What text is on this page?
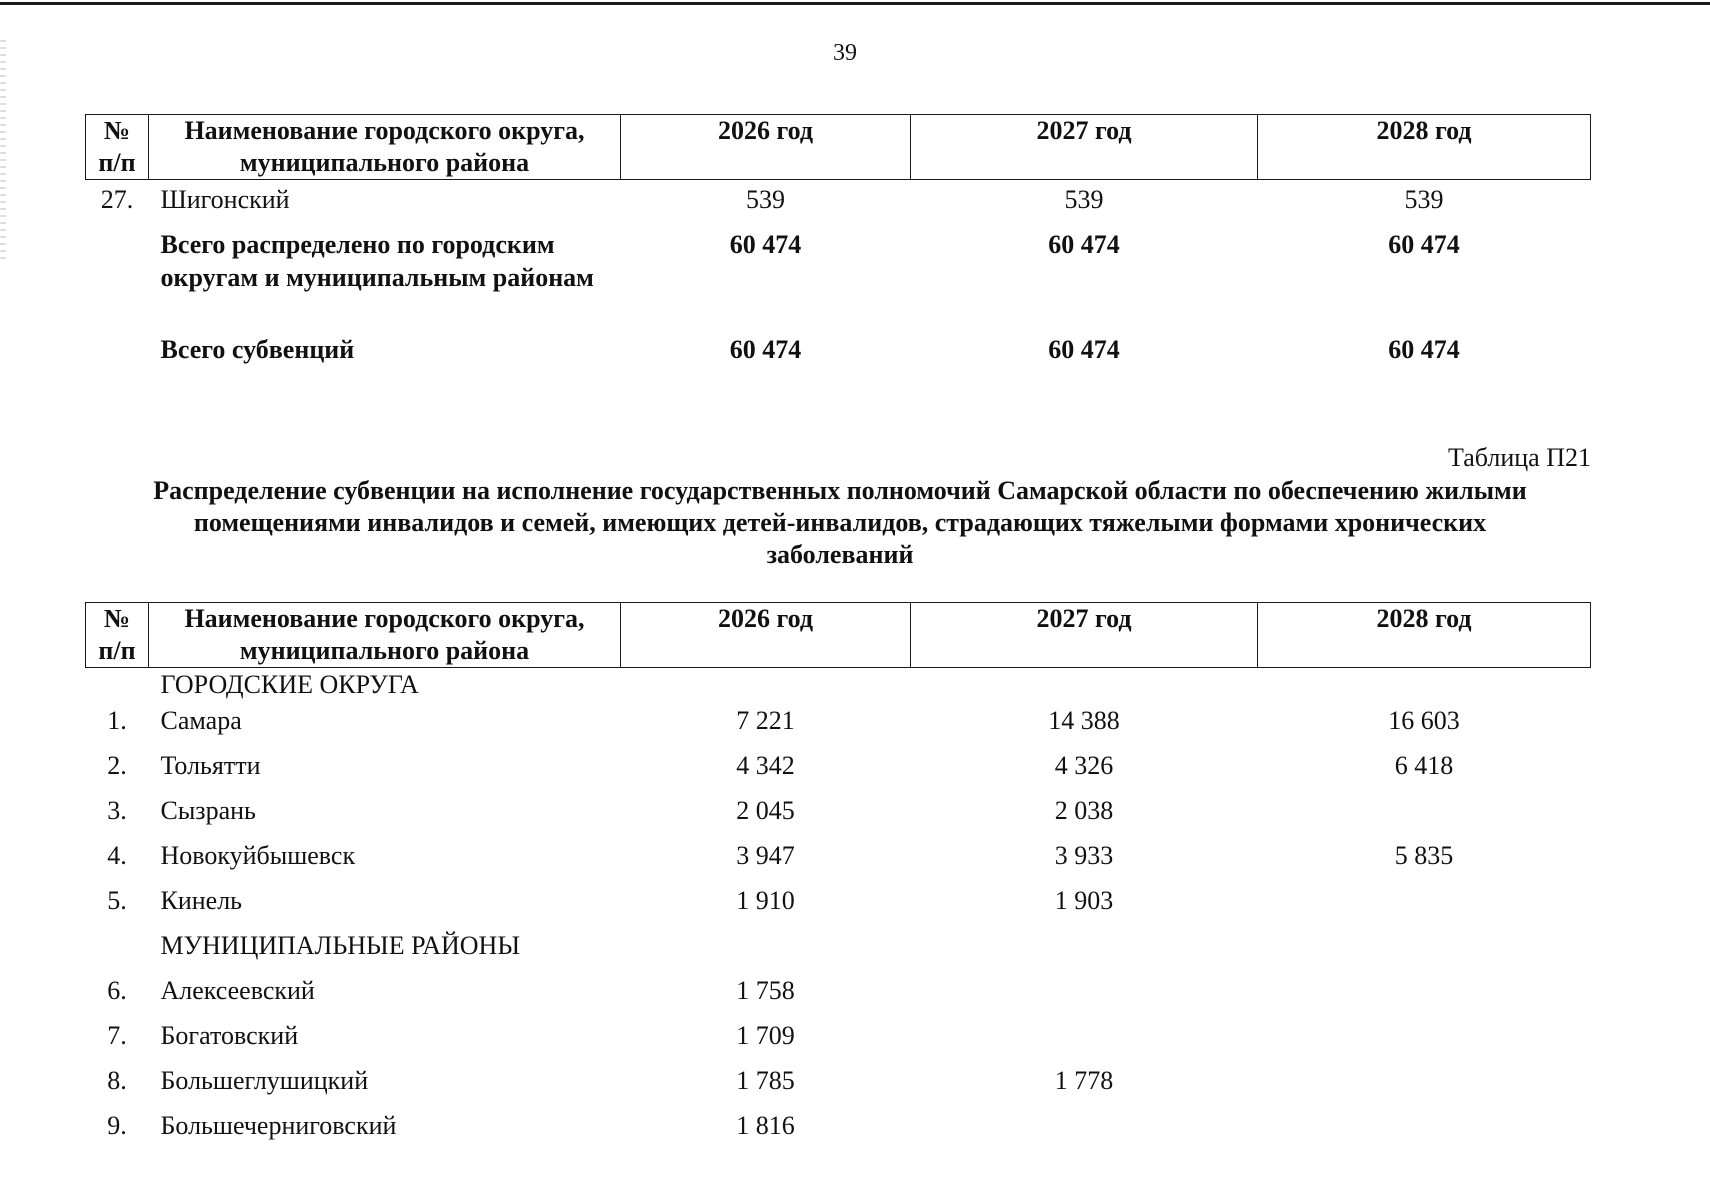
39
№ п/п	Наименование городского округа, муниципального района	2026 год	2027 год	2028 год
27.	Шигонский	539	539	539
	Всего распределено по городским округам и муниципальным районам	60 474	60 474	60 474
	Всего субвенций	60 474	60 474	60 474
Таблица П21
Распределение субвенции на исполнение государственных полномочий Самарской области по обеспечению жилыми помещениями инвалидов и семей, имеющих детей-инвалидов, страдающих тяжелыми формами хронических заболеваний
№ п/п	Наименование городского округа, муниципального района	2026 год	2027 год	2028 год
	ГОРОДСКИЕ ОКРУГА			
1.	Самара	7 221	14 388	16 603
2.	Тольятти	4 342	4 326	6 418
3.	Сызрань	2 045	2 038	
4.	Новокуйбышевск	3 947	3 933	5 835
5.	Кинель	1 910	1 903	
	МУНИЦИПАЛЬНЫЕ РАЙОНЫ			
6.	Алексеевский	1 758		
7.	Богатовский	1 709		
8.	Большеглушицкий	1 785	1 778	
9.	Большечерниговский	1 816		
